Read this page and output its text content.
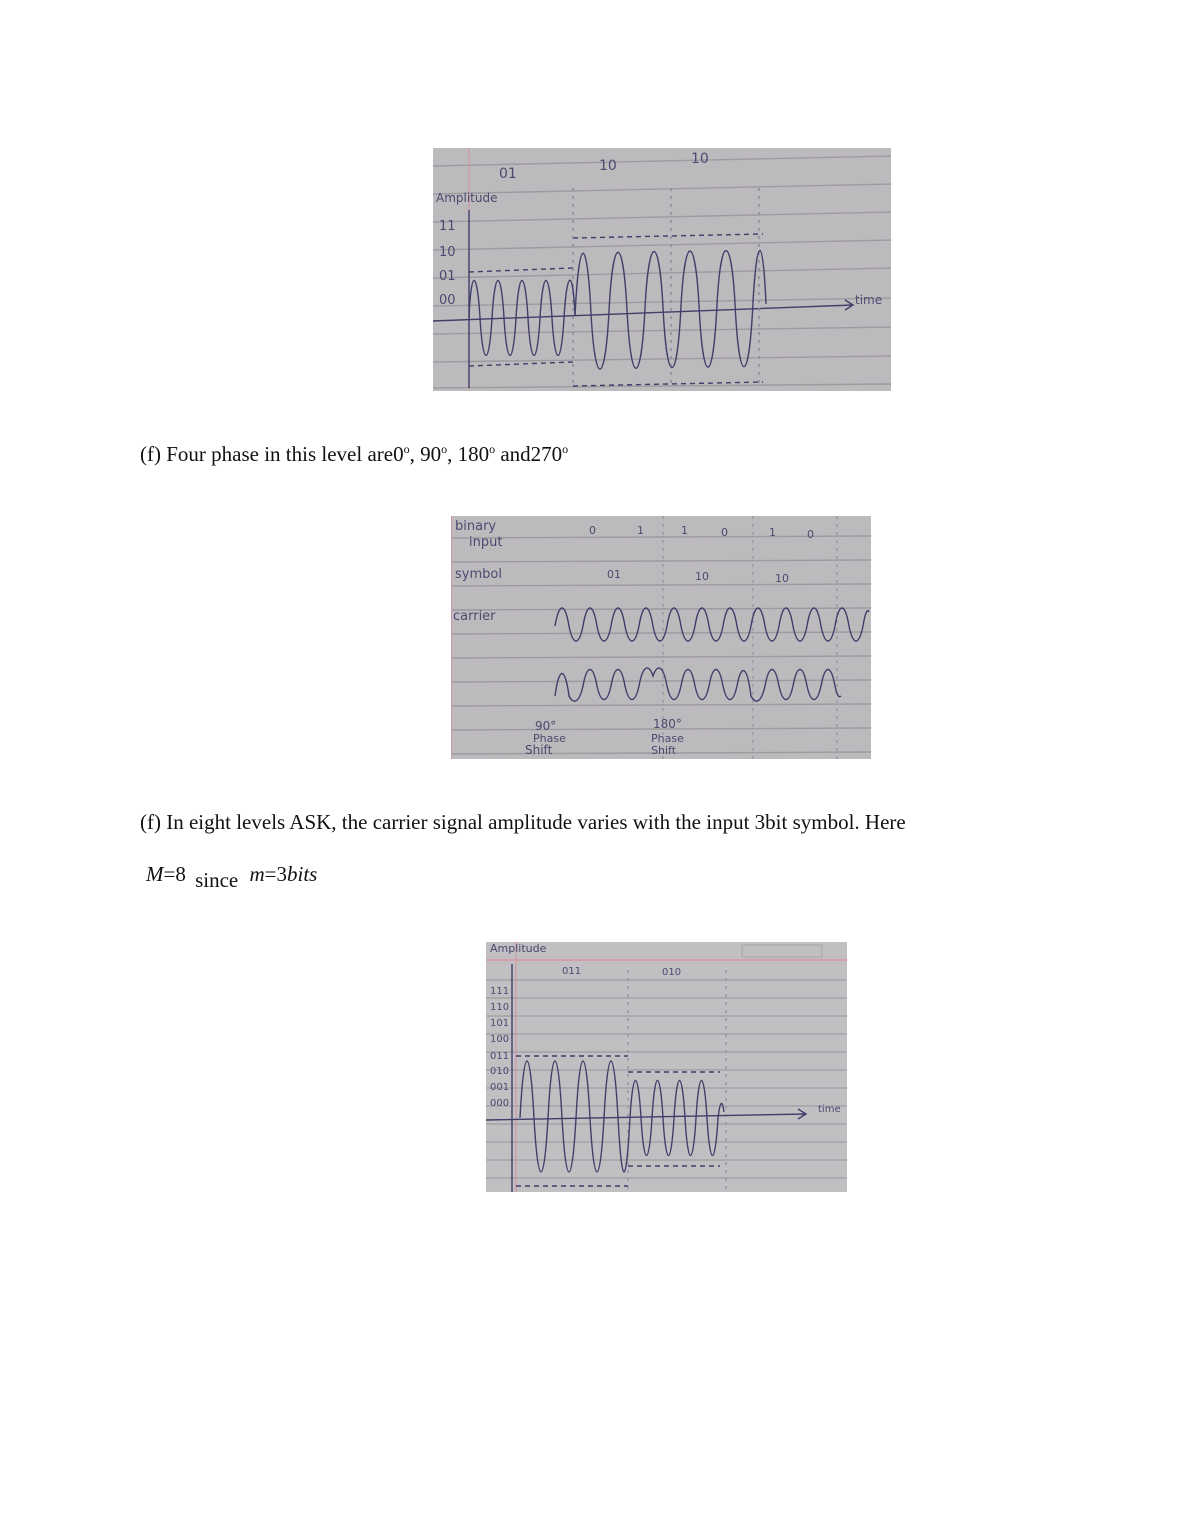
Amplitude
11
10
01
00
01	10	10
time
(f) Four phase in this level are0$^o$, 90$^o$, 180$^o$ and270$^o$
binary
input
symbol
carrier
0	1	1	0	1	0
01	10	10
90°
Phase
Shift
180°
Phase
Shift
(f) In eight levels ASK, the carrier signal amplitude varies with the input 3bit symbol. Here
M=8 since m=3bits
Amplitude
111
110
101
100
011
010
001
000
011	010
time
